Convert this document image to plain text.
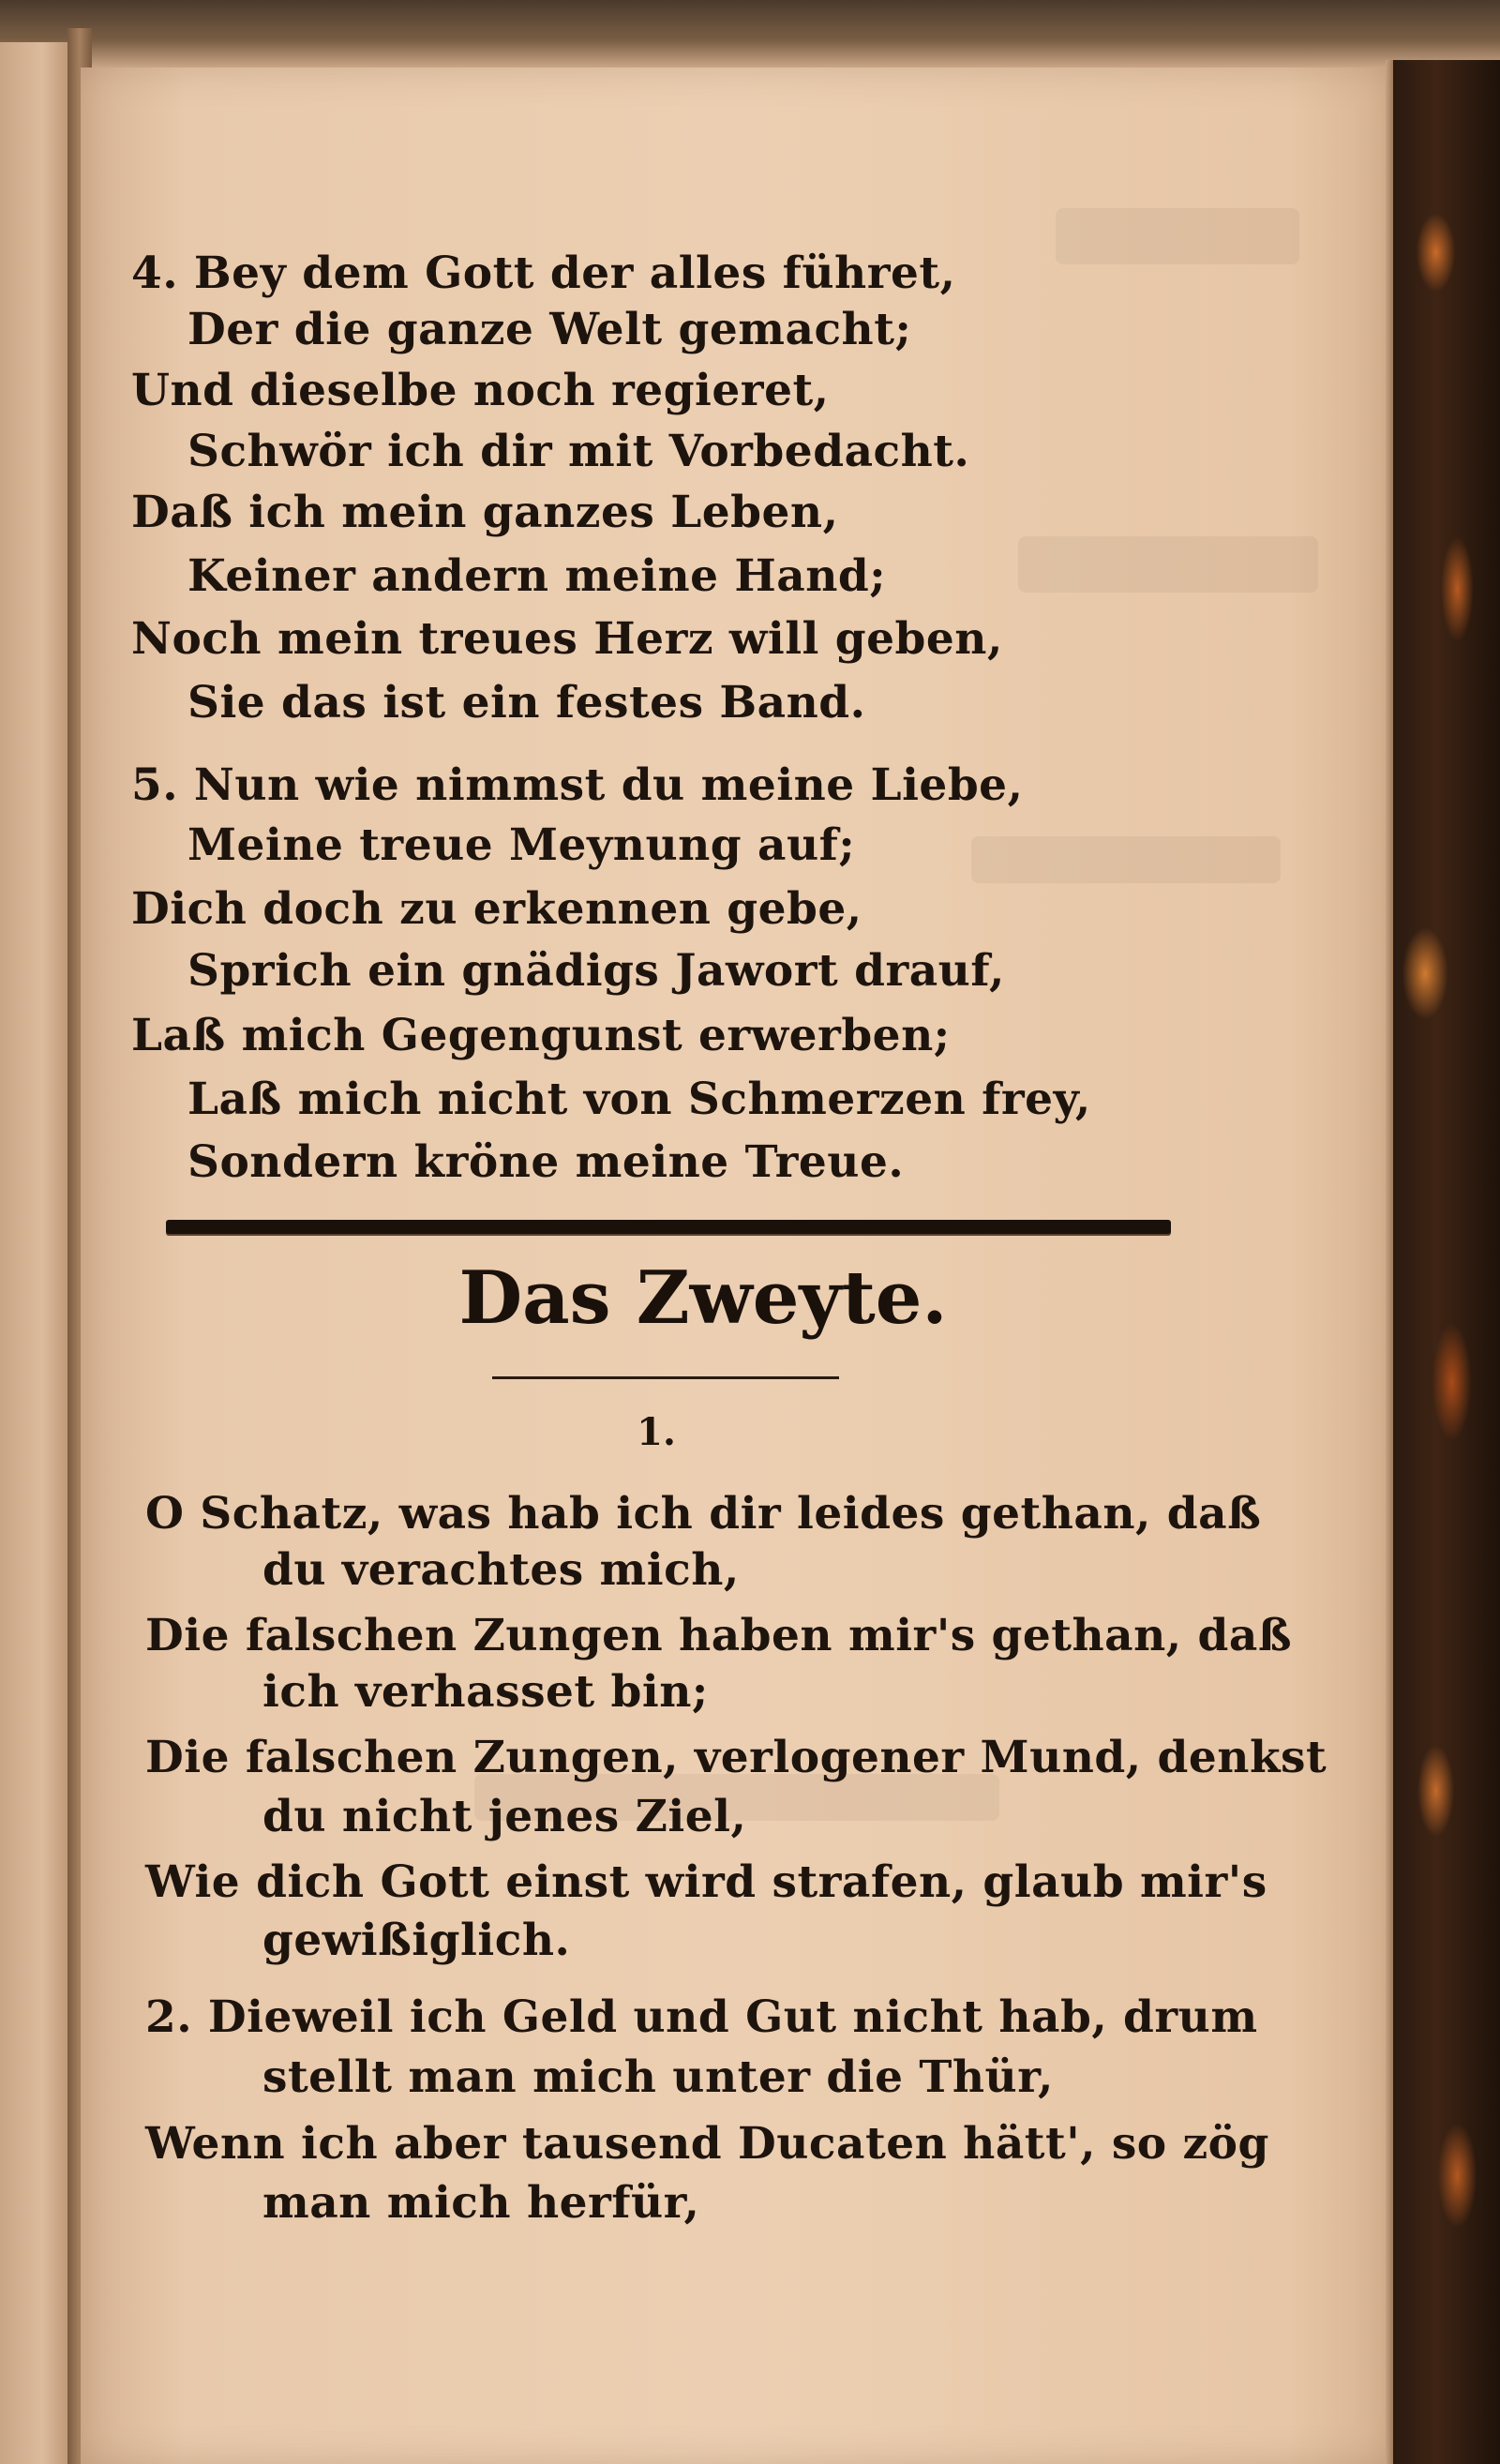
4. Bey dem Gott der alles führet,
Der die ganze Welt gemacht;
Und dieselbe noch regieret,
Schwör ich dir mit Vorbedacht.
Daß ich mein ganzes Leben,
Keiner andern meine Hand;
Noch mein treues Herz will geben,
Sie das ist ein festes Band.
5. Nun wie nimmst du meine Liebe,
Meine treue Meynung auf;
Dich doch zu erkennen gebe,
Sprich ein gnädigs Jawort drauf,
Laß mich Gegengunst erwerben;
Laß mich nicht von Schmerzen frey,
Sondern kröne meine Treue.
Das Zweyte.
1.
O Schatz, was hab ich dir leides gethan, daß
du verachtes mich,
Die falschen Zungen haben mir's gethan, daß
ich verhasset bin;
Die falschen Zungen, verlogener Mund, denkst
du nicht jenes Ziel,
Wie dich Gott einst wird strafen, glaub mir's
gewißiglich.
2. Dieweil ich Geld und Gut nicht hab, drum
stellt man mich unter die Thür,
Wenn ich aber tausend Ducaten hätt', so zög
man mich herfür,
